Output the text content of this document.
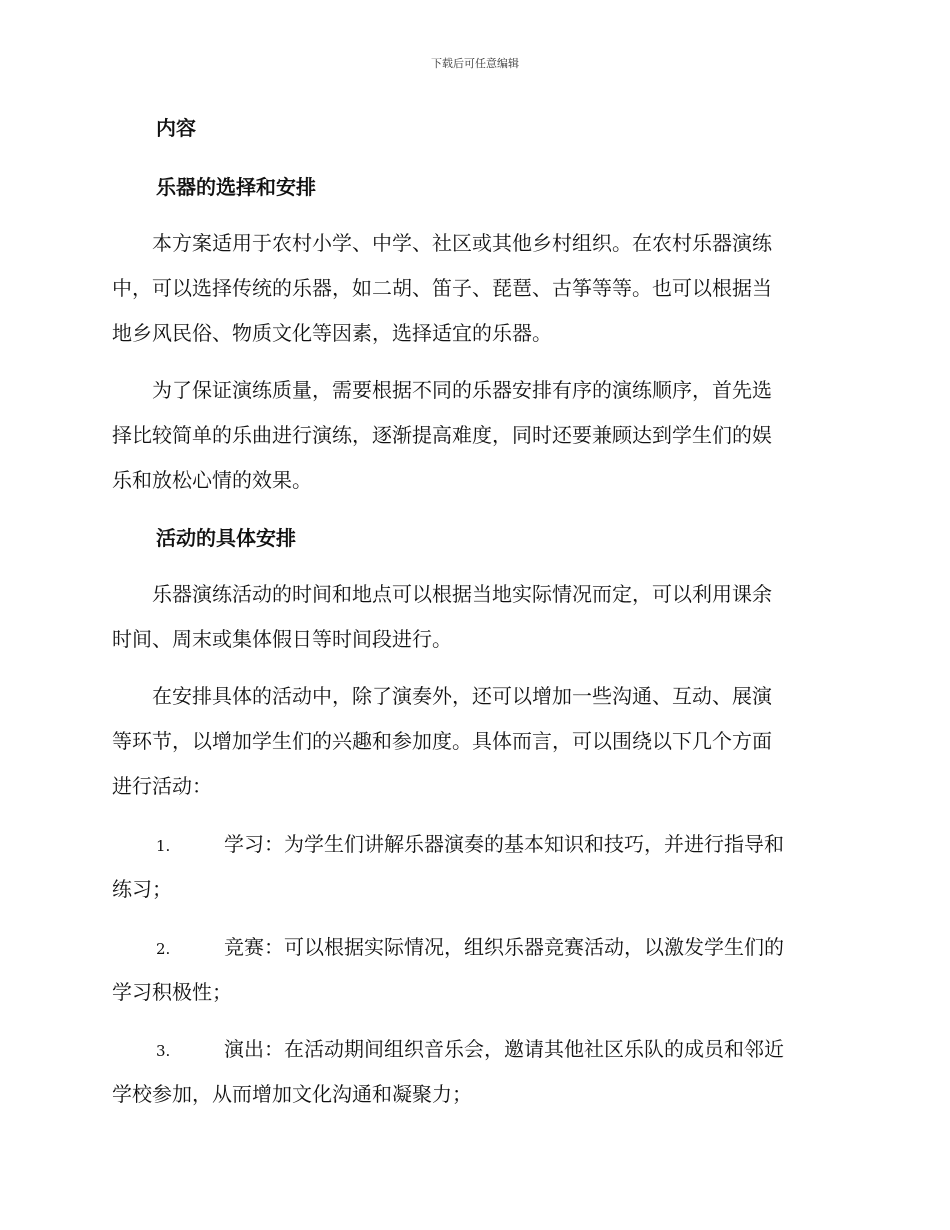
下载后可任意编辑
内容
乐器的选择和安排
　　本方案适用于农村小学、中学、社区或其他乡村组织。在农村乐器演练
中，可以选择传统的乐器，如二胡、笛子、琵琶、古筝等等。也可以根据当
地乡风民俗、物质文化等因素，选择适宜的乐器。
　　为了保证演练质量，需要根据不同的乐器安排有序的演练顺序，首先选
择比较简单的乐曲进行演练，逐渐提高难度，同时还要兼顾达到学生们的娱
乐和放松心情的效果。
活动的具体安排
　　乐器演练活动的时间和地点可以根据当地实际情况而定，可以利用课余
时间、周末或集体假日等时间段进行。
　　在安排具体的活动中，除了演奏外，还可以增加一些沟通、互动、展演
等环节，以增加学生们的兴趣和参加度。具体而言，可以围绕以下几个方面
进行活动：
1.	学习：为学生们讲解乐器演奏的基本知识和技巧，并进行指导和
练习；
2.	竞赛：可以根据实际情况，组织乐器竞赛活动，以激发学生们的
学习积极性；
3.	演出：在活动期间组织音乐会，邀请其他社区乐队的成员和邻近
学校参加，从而增加文化沟通和凝聚力；
